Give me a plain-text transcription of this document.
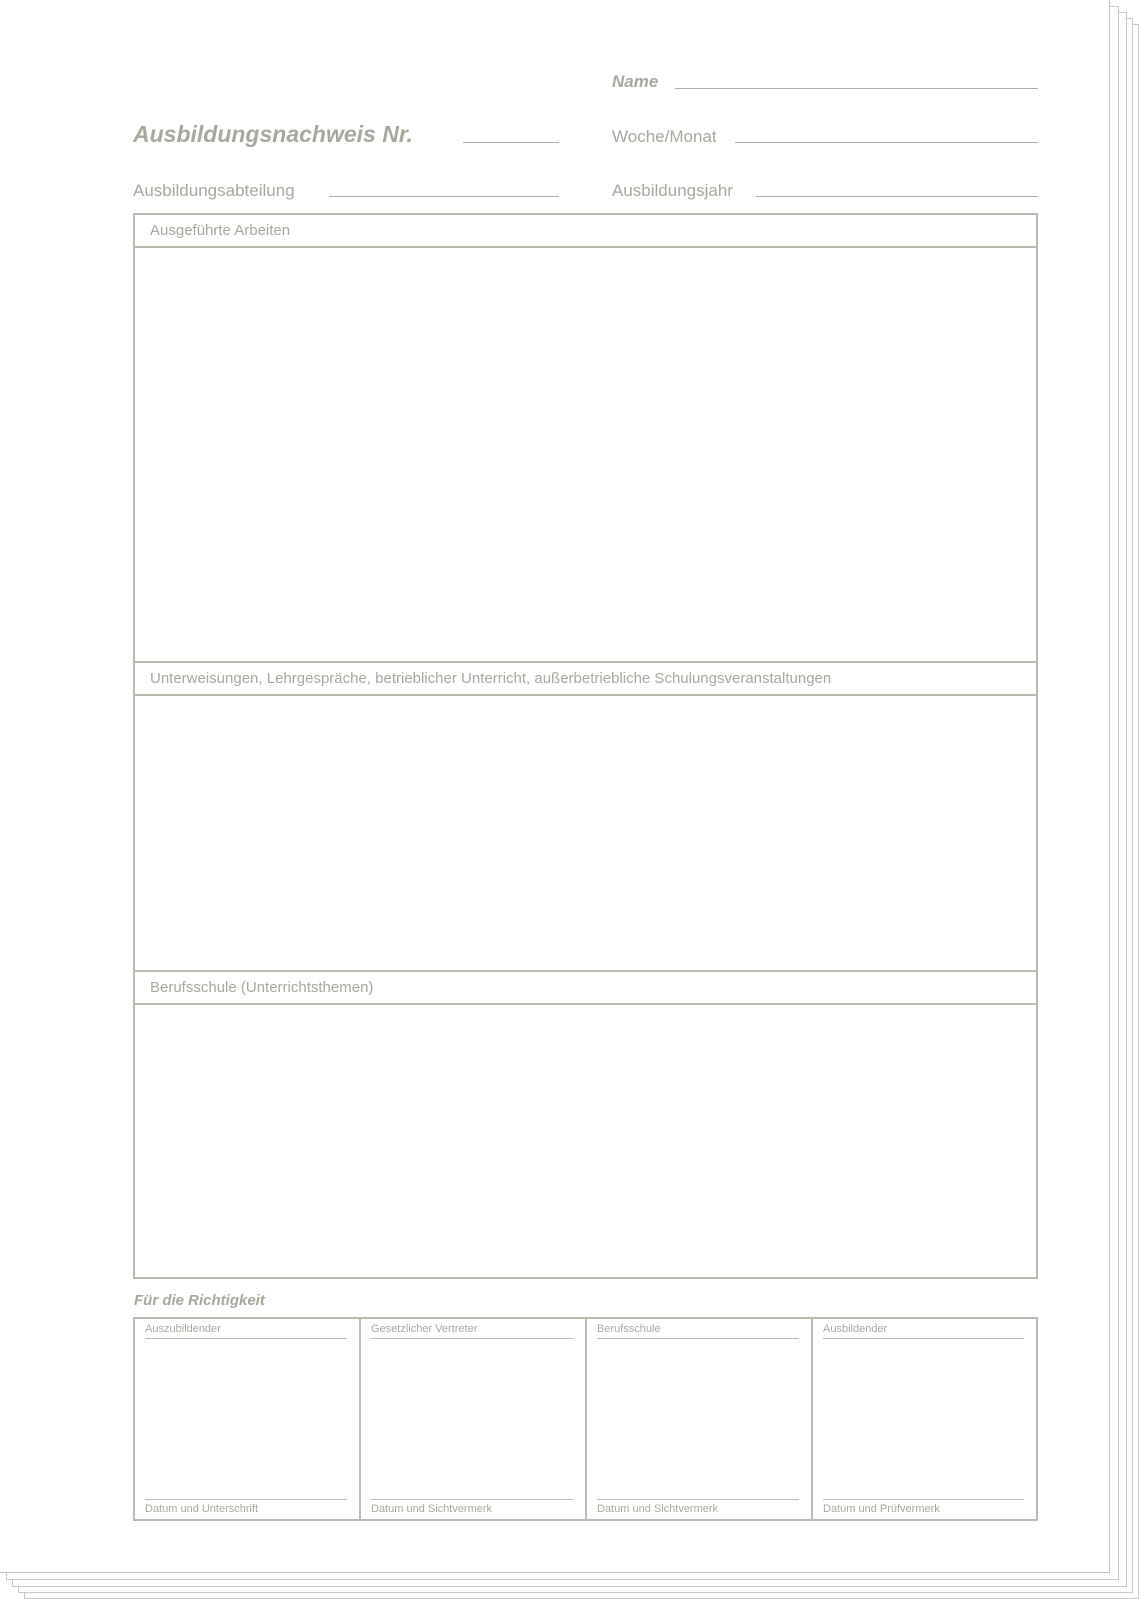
Name
Ausbildungsnachweis Nr.	Woche/Monat
Ausbildungsabteilung	Ausbildungsjahr
Ausgeführte Arbeiten
Unterweisungen, Lehrgespräche, betrieblicher Unterricht, außerbetriebliche Schulungsveranstaltungen
Berufsschule (Unterrichtsthemen)
Für die Richtigkeit
Auszubildender
Datum und Unterschrift
Gesetzlicher Vertreter
Datum und Sichtvermerk
Berufsschule
Datum und Sichtvermerk
Ausbildender
Datum und Prüfvermerk
